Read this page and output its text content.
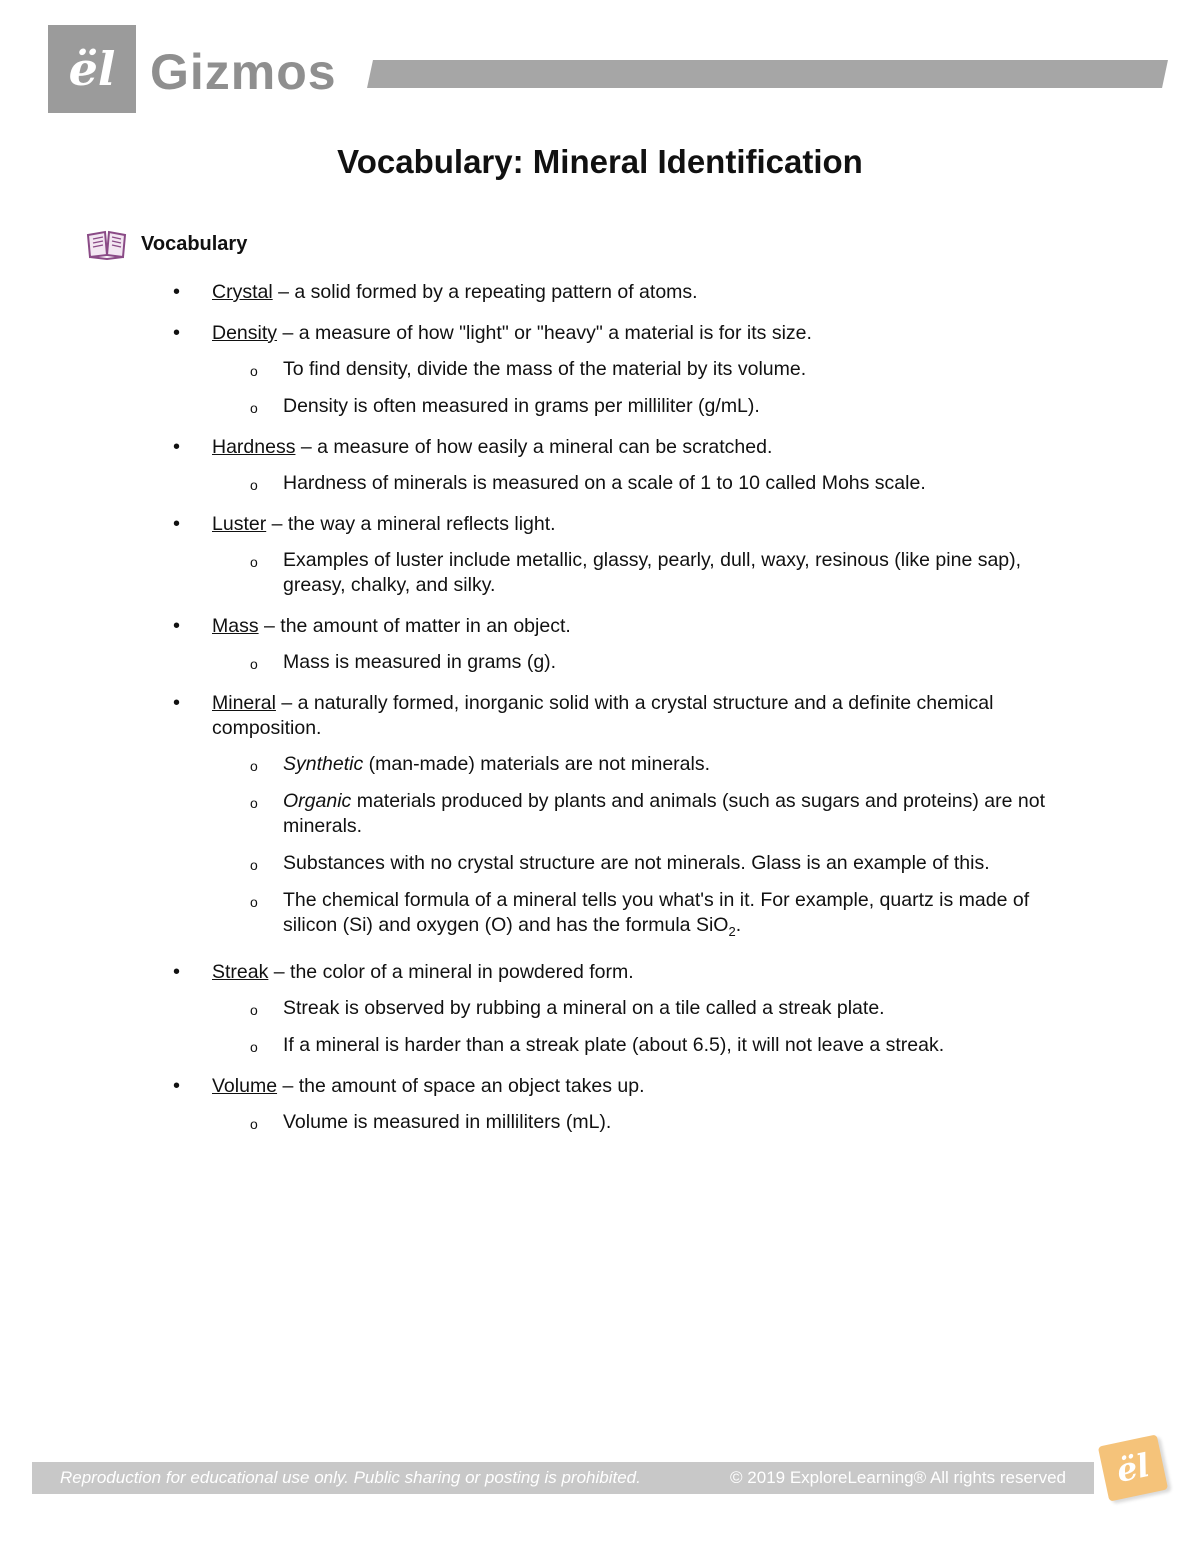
ël Gizmos
Vocabulary: Mineral Identification
Vocabulary
• Crystal – a solid formed by a repeating pattern of atoms.
• Density – a measure of how "light" or "heavy" a material is for its size.
o To find density, divide the mass of the material by its volume.
o Density is often measured in grams per milliliter (g/mL).
• Hardness – a measure of how easily a mineral can be scratched.
o Hardness of minerals is measured on a scale of 1 to 10 called Mohs scale.
• Luster – the way a mineral reflects light.
o Examples of luster include metallic, glassy, pearly, dull, waxy, resinous (like pine sap), greasy, chalky, and silky.
• Mass – the amount of matter in an object.
o Mass is measured in grams (g).
• Mineral – a naturally formed, inorganic solid with a crystal structure and a definite chemical composition.
o Synthetic (man-made) materials are not minerals.
o Organic materials produced by plants and animals (such as sugars and proteins) are not minerals.
o Substances with no crystal structure are not minerals. Glass is an example of this.
o The chemical formula of a mineral tells you what's in it. For example, quartz is made of silicon (Si) and oxygen (O) and has the formula SiO$_2$.
• Streak – the color of a mineral in powdered form.
o Streak is observed by rubbing a mineral on a tile called a streak plate.
o If a mineral is harder than a streak plate (about 6.5), it will not leave a streak.
• Volume – the amount of space an object takes up.
o Volume is measured in milliliters (mL).
Reproduction for educational use only. Public sharing or posting is prohibited.	© 2019 ExploreLearning® All rights reserved ël
